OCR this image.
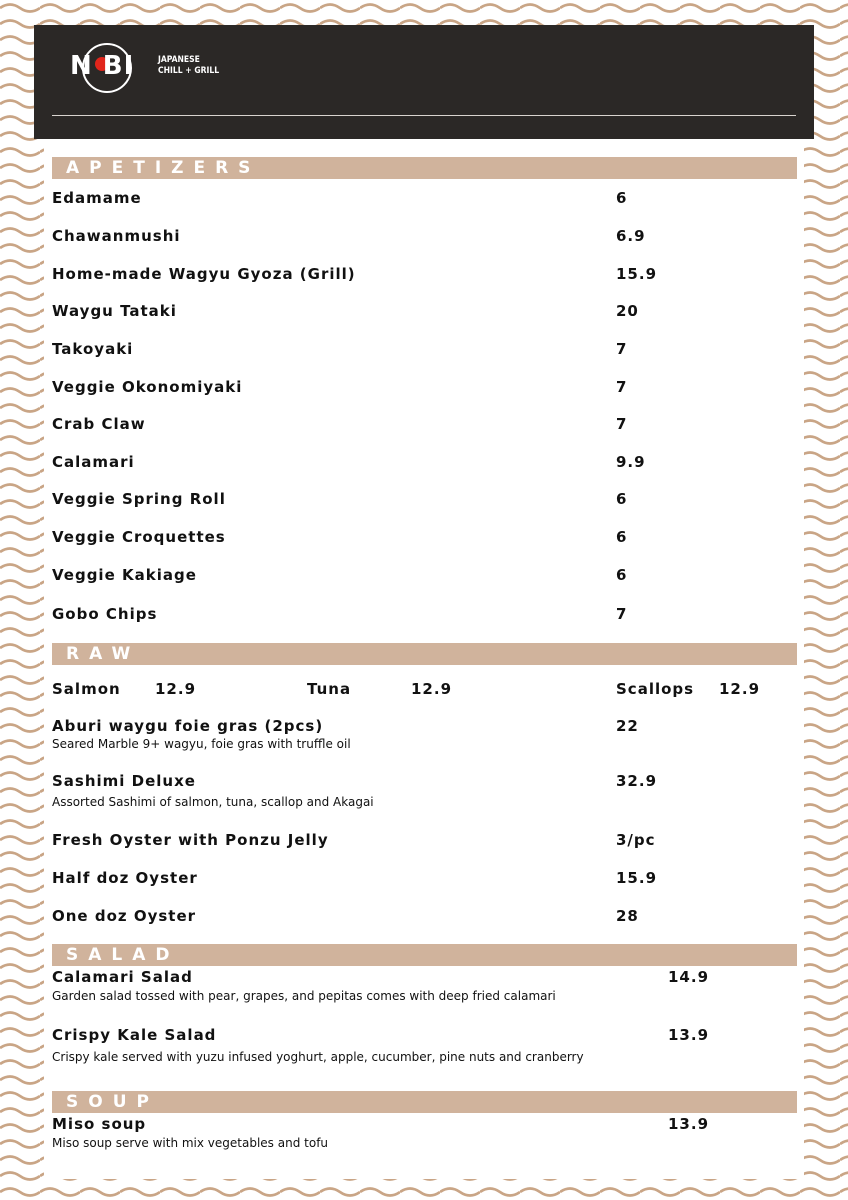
N BI	JAPANESE
CHILL + GRILL
APETIZERS
Edamame	6
Chawanmushi	6.9
Home-made Wagyu Gyoza (Grill)	15.9
Waygu Tataki	20
Takoyaki	7
Veggie Okonomiyaki	7
Crab Claw	7
Calamari	9.9
Veggie Spring Roll	6
Veggie Croquettes	6
Veggie Kakiage	6
Gobo Chips	7
RAW
Salmon 12.9	Tuna	12.9	Scallops 12.9
Aburi waygu foie gras (2pcs)	22
Seared Marble 9+ wagyu, foie gras with truffle oil
Sashimi Deluxe	32.9
Assorted Sashimi of salmon, tuna, scallop and Akagai
Fresh Oyster with Ponzu Jelly	3/pc
Half doz Oyster	15.9
One doz Oyster	28
SALAD
Calamari Salad	14.9
Garden salad tossed with pear, grapes, and pepitas comes with deep fried calamari
Crispy Kale Salad	13.9
Crispy kale served with yuzu infused yoghurt, apple, cucumber, pine nuts and cranberry
SOUP
Miso soup	13.9
Miso soup serve with mix vegetables and tofu
